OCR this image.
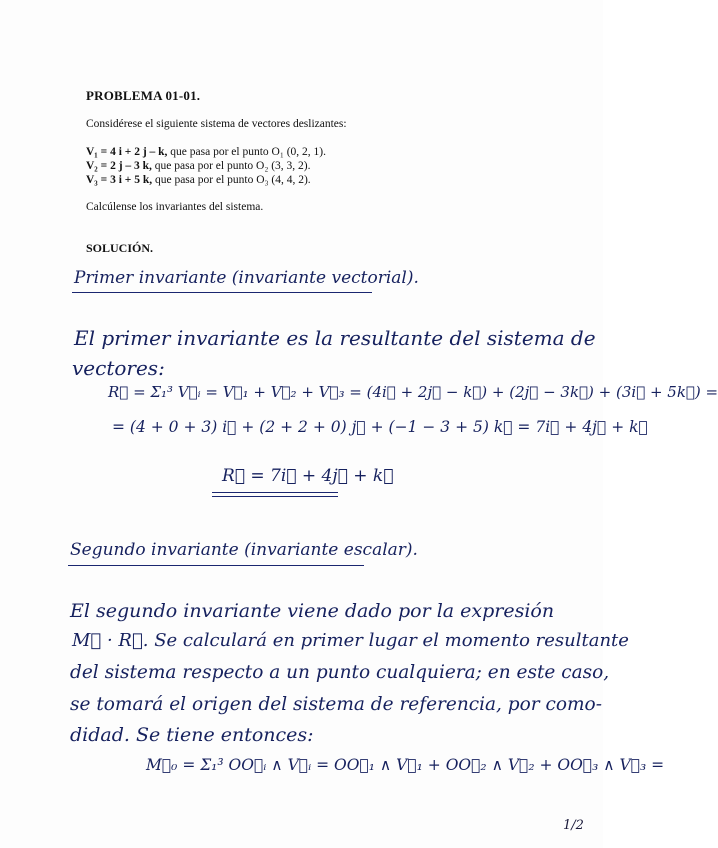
PROBLEMA 01-01.
Considérese el siguiente sistema de vectores deslizantes:
V₁ = 4 i + 2 j – k, que pasa por el punto O₁ (0, 2, 1).
V₂ = 2 j – 3 k, que pasa por el punto O₂ (3, 3, 2).
V₃ = 3 i + 5 k, que pasa por el punto O₃ (4, 4, 2).
Calcúlense los invariantes del sistema.
SOLUCIÓN.
Primer invariante (invariante vectorial).
El primer invariante es la resultante del sistema de
vectores:
R⃗ = Σ₁³ V⃗ᵢ = V⃗₁ + V⃗₂ + V⃗₃ = (4i⃗ + 2j⃗ − k⃗) + (2j⃗ − 3k⃗) + (3i⃗ + 5k⃗) =
= (4 + 0 + 3) i⃗ + (2 + 2 + 0) j⃗ + (−1 − 3 + 5) k⃗ = 7i⃗ + 4j⃗ + k⃗
R⃗ = 7i⃗ + 4j⃗ + k⃗
Segundo invariante (invariante escalar).
El segundo invariante viene dado por la expresión
M⃗ · R⃗. Se calculará en primer lugar el momento resultante
del sistema respecto a un punto cualquiera; en este caso,
se tomará el origen del sistema de referencia, por como-
didad. Se tiene entonces:
M⃗₀ = Σ₁³ OO⃗ᵢ ∧ V⃗ᵢ = OO⃗₁ ∧ V⃗₁ + OO⃗₂ ∧ V⃗₂ + OO⃗₃ ∧ V⃗₃ =
1/2
